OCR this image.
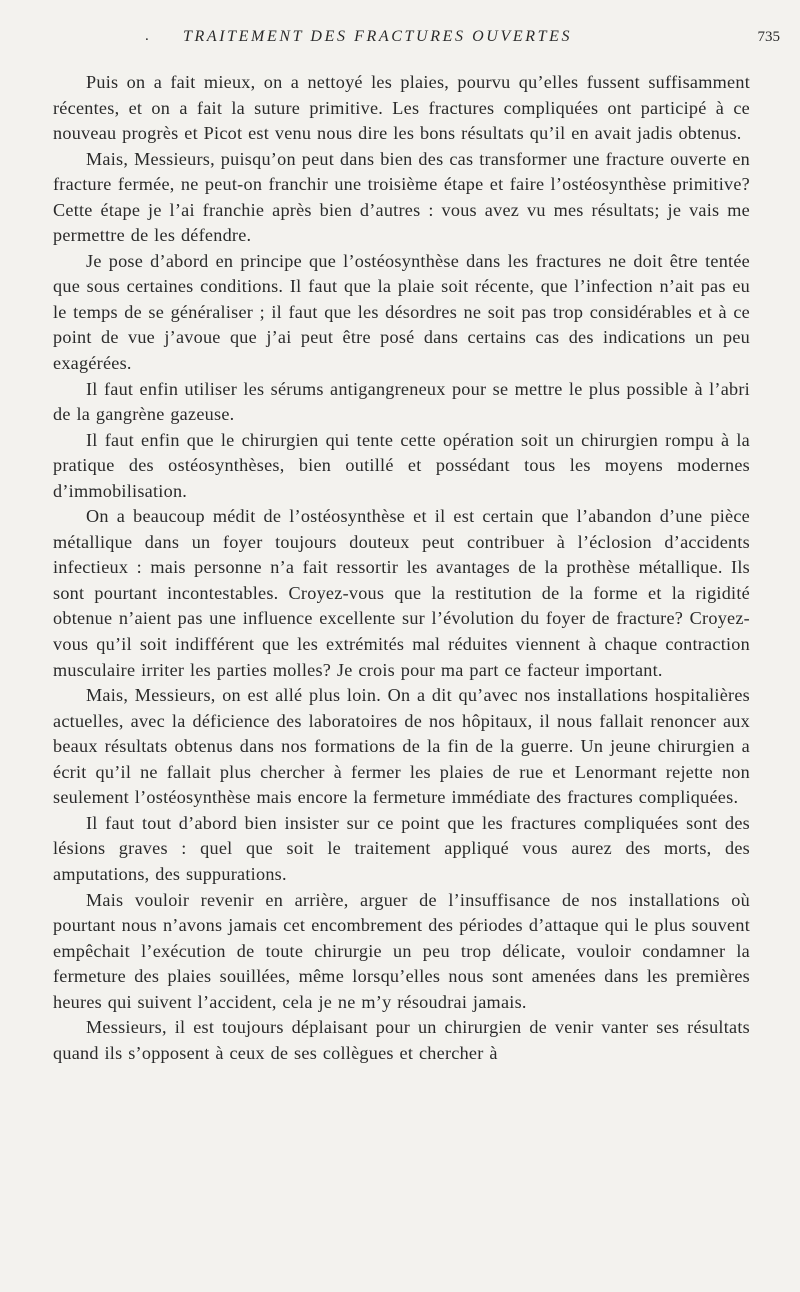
. TRAITEMENT DES FRACTURES OUVERTES	735

Puis on a fait mieux, on a nettoyé les plaies, pourvu qu’elles fussent suffisamment récentes, et on a fait la suture primitive. Les fractures compliquées ont participé à ce nouveau progrès et Picot est venu nous dire les bons résultats qu’il en avait jadis obtenus.

Mais, Messieurs, puisqu’on peut dans bien des cas transformer une fracture ouverte en fracture fermée, ne peut-on franchir une troisième étape et faire l’ostéosynthèse primitive? Cette étape je l’ai franchie après bien d’autres : vous avez vu mes résultats; je vais me permettre de les défendre.

Je pose d’abord en principe que l’ostéosynthèse dans les fractures ne doit être tentée que sous certaines conditions. Il faut que la plaie soit récente, que l’infection n’ait pas eu le temps de se généraliser ; il faut que les désordres ne soit pas trop considérables et à ce point de vue j’avoue que j’ai peut être posé dans certains cas des indications un peu exagérées.

Il faut enfin utiliser les sérums antigangreneux pour se mettre le plus possible à l’abri de la gangrène gazeuse.

Il faut enfin que le chirurgien qui tente cette opération soit un chirurgien rompu à la pratique des ostéosynthèses, bien outillé et possédant tous les moyens modernes d’immobilisation.

On a beaucoup médit de l’ostéosynthèse et il est certain que l’abandon d’une pièce métallique dans un foyer toujours douteux peut contribuer à l’éclosion d’accidents infectieux : mais personne n’a fait ressortir les avantages de la prothèse métallique. Ils sont pourtant incontestables. Croyez-vous que la restitution de la forme et la rigidité obtenue n’aient pas une influence excellente sur l’évolution du foyer de fracture? Croyez-vous qu’il soit indifférent que les extrémités mal réduites viennent à chaque contraction musculaire irriter les parties molles? Je crois pour ma part ce facteur important.

Mais, Messieurs, on est allé plus loin. On a dit qu’avec nos installations hospitalières actuelles, avec la déficience des laboratoires de nos hôpitaux, il nous fallait renoncer aux beaux résultats obtenus dans nos formations de la fin de la guerre. Un jeune chirurgien a écrit qu’il ne fallait plus chercher à fermer les plaies de rue et Lenormant rejette non seulement l’ostéosynthèse mais encore la fermeture immédiate des fractures compliquées.

Il faut tout d’abord bien insister sur ce point que les fractures compliquées sont des lésions graves : quel que soit le traitement appliqué vous aurez des morts, des amputations, des suppurations.

Mais vouloir revenir en arrière, arguer de l’insuffisance de nos installations où pourtant nous n’avons jamais cet encombrement des périodes d’attaque qui le plus souvent empêchait l’exécution de toute chirurgie un peu trop délicate, vouloir condamner la fermeture des plaies souillées, même lorsqu’elles nous sont amenées dans les premières heures qui suivent l’accident, cela je ne m’y résoudrai jamais.

Messieurs, il est toujours déplaisant pour un chirurgien de venir vanter ses résultats quand ils s’opposent à ceux de ses collègues et chercher à
